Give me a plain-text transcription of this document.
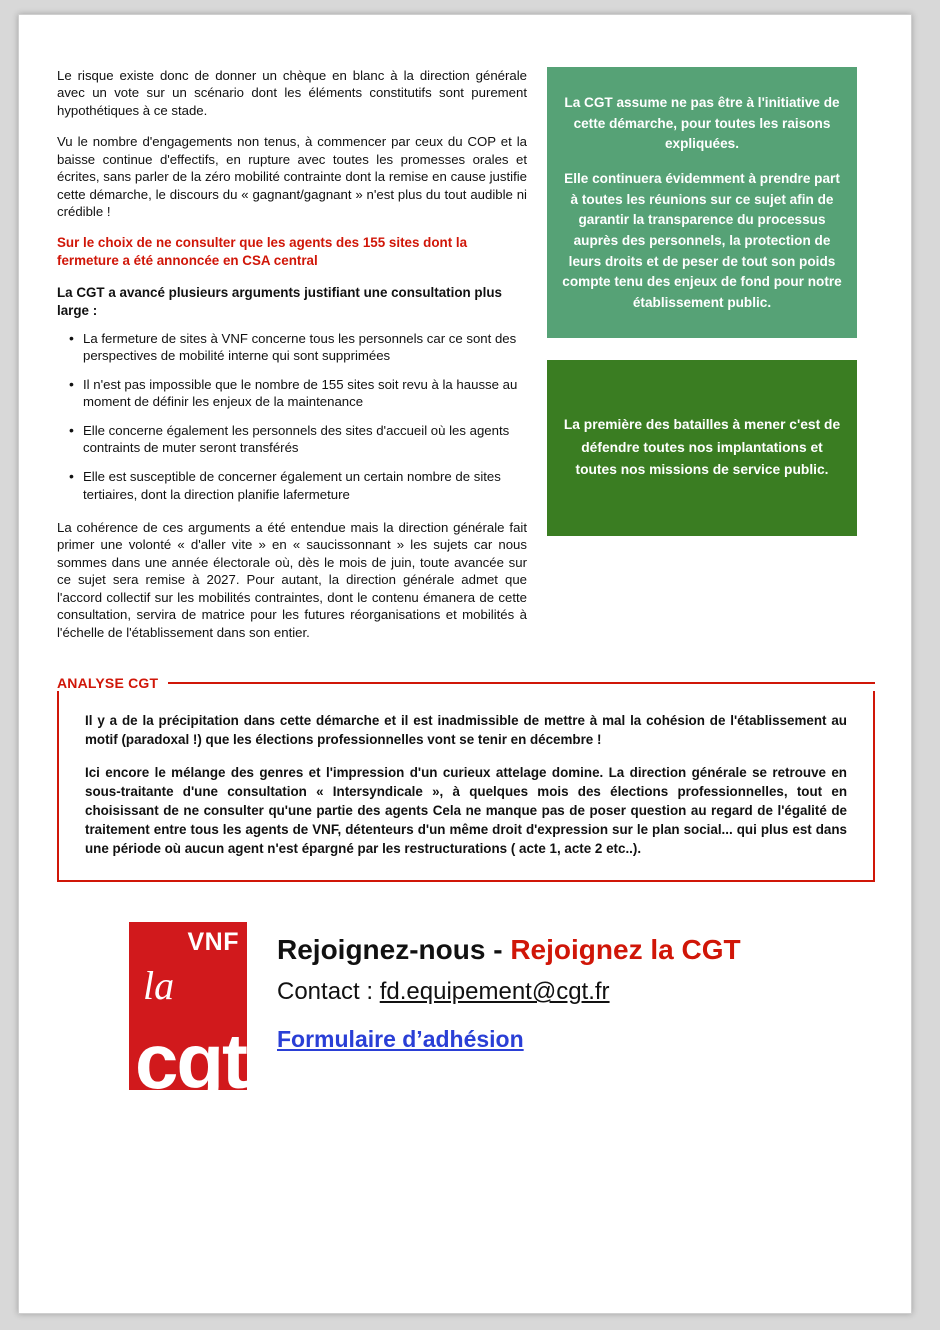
Le risque existe donc de donner un chèque en blanc à la direction générale avec un vote sur un scénario dont les éléments constitutifs sont purement hypothétiques à ce stade.

Vu le nombre d'engagements non tenus, à commencer par ceux du COP et la baisse continue d'effectifs, en rupture avec toutes les promesses orales et écrites, sans parler de la zéro mobilité contrainte dont la remise en cause justifie cette démarche, le discours du « gagnant/gagnant » n'est plus du tout audible ni crédible !

Sur le choix de ne consulter que les agents des 155 sites dont la fermeture a été annoncée en CSA central

La CGT a avancé plusieurs arguments justifiant une consultation plus large :

• La fermeture de sites à VNF concerne tous les personnels car ce sont des perspectives de mobilité interne qui sont supprimées
• Il n'est pas impossible que le nombre de 155 sites soit revu à la hausse au moment de définir les enjeux de la maintenance
• Elle concerne également les personnels des sites d'accueil où les agents contraints de muter seront transférés
• Elle est susceptible de concerner également un certain nombre de sites tertiaires, dont la direction planifie lafermeture

La cohérence de ces arguments a été entendue mais la direction générale fait primer une volonté « d'aller vite » en « saucissonnant » les sujets car nous sommes dans une année électorale où, dès le mois de juin, toute avancée sur ce sujet sera remise à 2027. Pour autant, la direction générale admet que l'accord collectif sur les mobilités contraintes, dont le contenu émanera de cette consultation, servira de matrice pour les futures réorganisations et mobilités à l'échelle de l'établissement dans son entier.

La CGT assume ne pas être à l'initiative de cette démarche, pour toutes les raisons expliquées.
Elle continuera évidemment à prendre part à toutes les réunions sur ce sujet afin de garantir la transparence du processus auprès des personnels, la protection de leurs droits et de peser de tout son poids compte tenu des enjeux de fond pour notre établissement public.
La première des batailles à mener c'est de défendre toutes nos implantations et toutes nos missions de service public.
ANALYSE CGT

Il y a de la précipitation dans cette démarche et il est inadmissible de mettre à mal la cohésion de l'établissement au motif (paradoxal !) que les élections professionnelles vont se tenir en décembre !

Ici encore le mélange des genres et l'impression d'un curieux attelage domine. La direction générale se retrouve en sous-traitante d'une consultation « Intersyndicale », à quelques mois des élections professionnelles, tout en choisissant de ne consulter qu'une partie des agents Cela ne manque pas de poser question au regard de l'égalité de traitement entre tous les agents de VNF, détenteurs d'un même droit d'expression sur le plan social... qui plus est dans une période où aucun agent n'est épargné par les restructurations ( acte 1, acte 2 etc..).

VNF
la
cgt

Rejoignez-nous - Rejoignez la CGT

Contact : fd.equipement@cgt.fr

Formulaire d’adhésion
